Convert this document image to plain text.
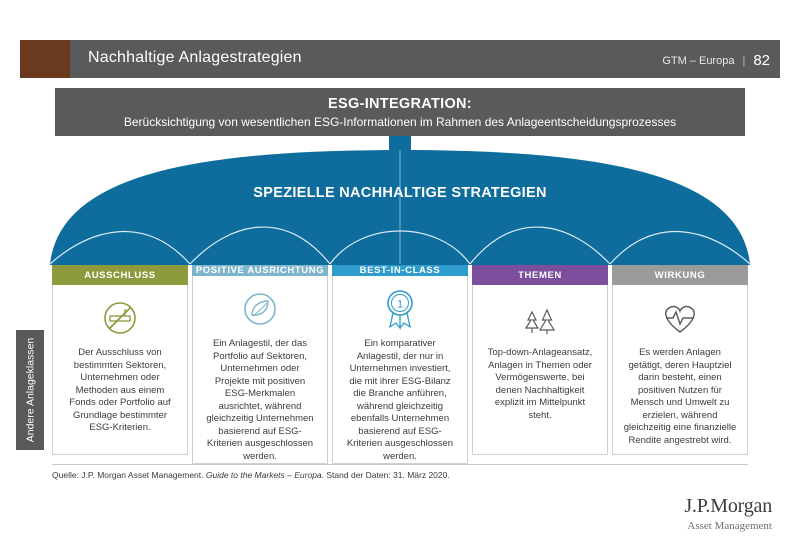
Nachhaltige Anlagestrategien	GTM – Europa | 82
ESG-INTEGRATION:
Berücksichtigung von wesentlichen ESG-Informationen im Rahmen des Anlageentscheidungsprozesses
SPEZIELLE NACHHALTIGE STRATEGIEN
Andere Anlageklassen
AUSSCHLUSS
Der Ausschluss von bestimmten Sektoren, Unternehmen oder Methoden aus einem Fonds oder Portfolio auf Grundlage bestimmter ESG-Kriterien.
POSITIVE AUSRICHTUNG
Ein Anlagestil, der das Portfolio auf Sektoren, Unternehmen oder Projekte mit positiven ESG-Merkmalen ausrichtet, während gleichzeitig Unternehmen basierend auf ESG-Kriterien ausgeschlossen werden.
BEST-IN-CLASS
1
Ein komparativer Anlagestil, der nur in Unternehmen investiert, die mit ihrer ESG-Bilanz die Branche anführen, während gleichzeitig ebenfalls Unternehmen basierend auf ESG-Kriterien ausgeschlossen werden.
THEMEN
Top-down-Anlageansatz, Anlagen in Themen oder Vermögenswerte, bei denen Nachhaltigkeit explizit im Mittelpunkt steht.
WIRKUNG
Es werden Anlagen getätigt, deren Hauptziel darin besteht, einen positiven Nutzen für Mensch und Umwelt zu erzielen, während gleichzeitig eine finanzielle Rendite angestrebt wird.
Quelle: J.P. Morgan Asset Management. Guide to the Markets – Europa. Stand der Daten: 31. März 2020.
J.P.Morgan
Asset Management
